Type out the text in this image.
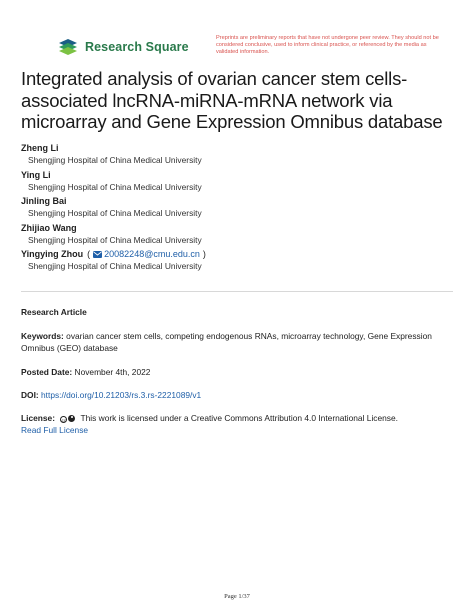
Research Square
Preprints are preliminary reports that have not undergone peer review. They should not be considered conclusive, used to inform clinical practice, or referenced by the media as validated information.
Integrated analysis of ovarian cancer stem cells-associated lncRNA-miRNA-mRNA network via microarray and Gene Expression Omnibus database
Zheng Li
Shengjing Hospital of China Medical University
Ying Li
Shengjing Hospital of China Medical University
Jinling Bai
Shengjing Hospital of China Medical University
Zhijiao Wang
Shengjing Hospital of China Medical University
Yingying Zhou ( 20082248@cmu.edu.cn )
Shengjing Hospital of China Medical University
Research Article
Keywords: ovarian cancer stem cells, competing endogenous RNAs, microarray technology, Gene Expression Omnibus (GEO) database
Posted Date: November 4th, 2022
DOI: https://doi.org/10.21203/rs.3.rs-2221089/v1
License: cc This work is licensed under a Creative Commons Attribution 4.0 International License.
Read Full License
Page 1/37
